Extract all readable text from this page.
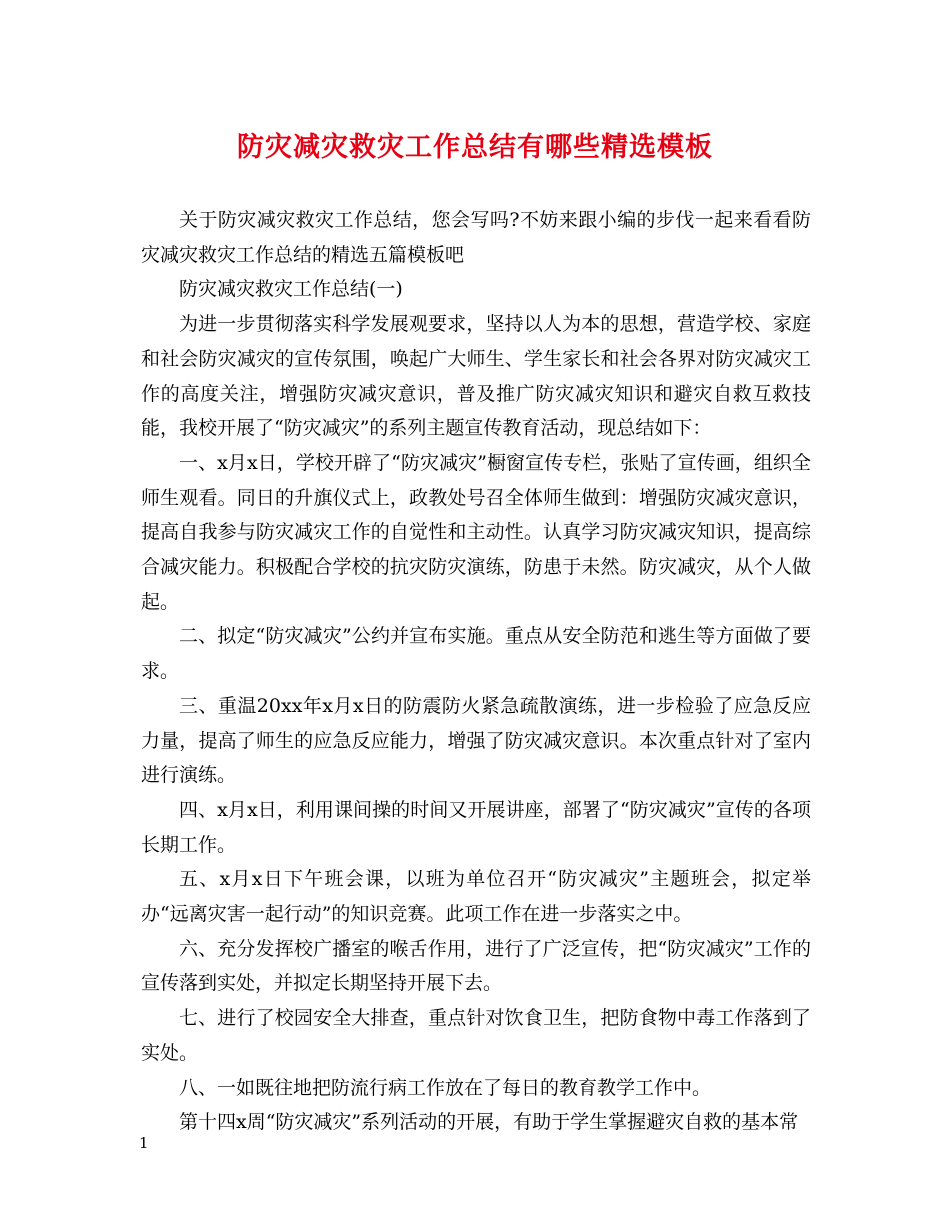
防灾减灾救灾工作总结有哪些精选模板

关于防灾减灾救灾工作总结，您会写吗?不妨来跟小编的步伐一起来看看防灾减灾救灾工作总结的精选五篇模板吧

防灾减灾救灾工作总结(一)

为进一步贯彻落实科学发展观要求，坚持以人为本的思想，营造学校、家庭和社会防灾减灾的宣传氛围，唤起广大师生、学生家长和社会各界对防灾减灾工作的高度关注，增强防灾减灾意识，普及推广防灾减灾知识和避灾自救互救技能，我校开展了“防灾减灾”的系列主题宣传教育活动，现总结如下：

一、x月x日，学校开辟了“防灾减灾”橱窗宣传专栏，张贴了宣传画，组织全师生观看。同日的升旗仪式上，政教处号召全体师生做到：增强防灾减灾意识，提高自我参与防灾减灾工作的自觉性和主动性。认真学习防灾减灾知识，提高综合减灾能力。积极配合学校的抗灾防灾演练，防患于未然。防灾减灾，从个人做起。

二、拟定“防灾减灾”公约并宣布实施。重点从安全防范和逃生等方面做了要求。

三、重温20xx年x月x日的防震防火紧急疏散演练，进一步检验了应急反应力量，提高了师生的应急反应能力，增强了防灾减灾意识。本次重点针对了室内进行演练。

四、x月x日，利用课间操的时间又开展讲座，部署了“防灾减灾”宣传的各项长期工作。

五、x月x日下午班会课，以班为单位召开“防灾减灾”主题班会，拟定举办“远离灾害一起行动”的知识竞赛。此项工作在进一步落实之中。

六、充分发挥校广播室的喉舌作用，进行了广泛宣传，把“防灾减灾”工作的宣传落到实处，并拟定长期坚持开展下去。

七、进行了校园安全大排查，重点针对饮食卫生，把防食物中毒工作落到了实处。

八、一如既往地把防流行病工作放在了每日的教育教学工作中。

第十四x周“防灾减灾”系列活动的开展，有助于学生掌握避灾自救的基本常

1
